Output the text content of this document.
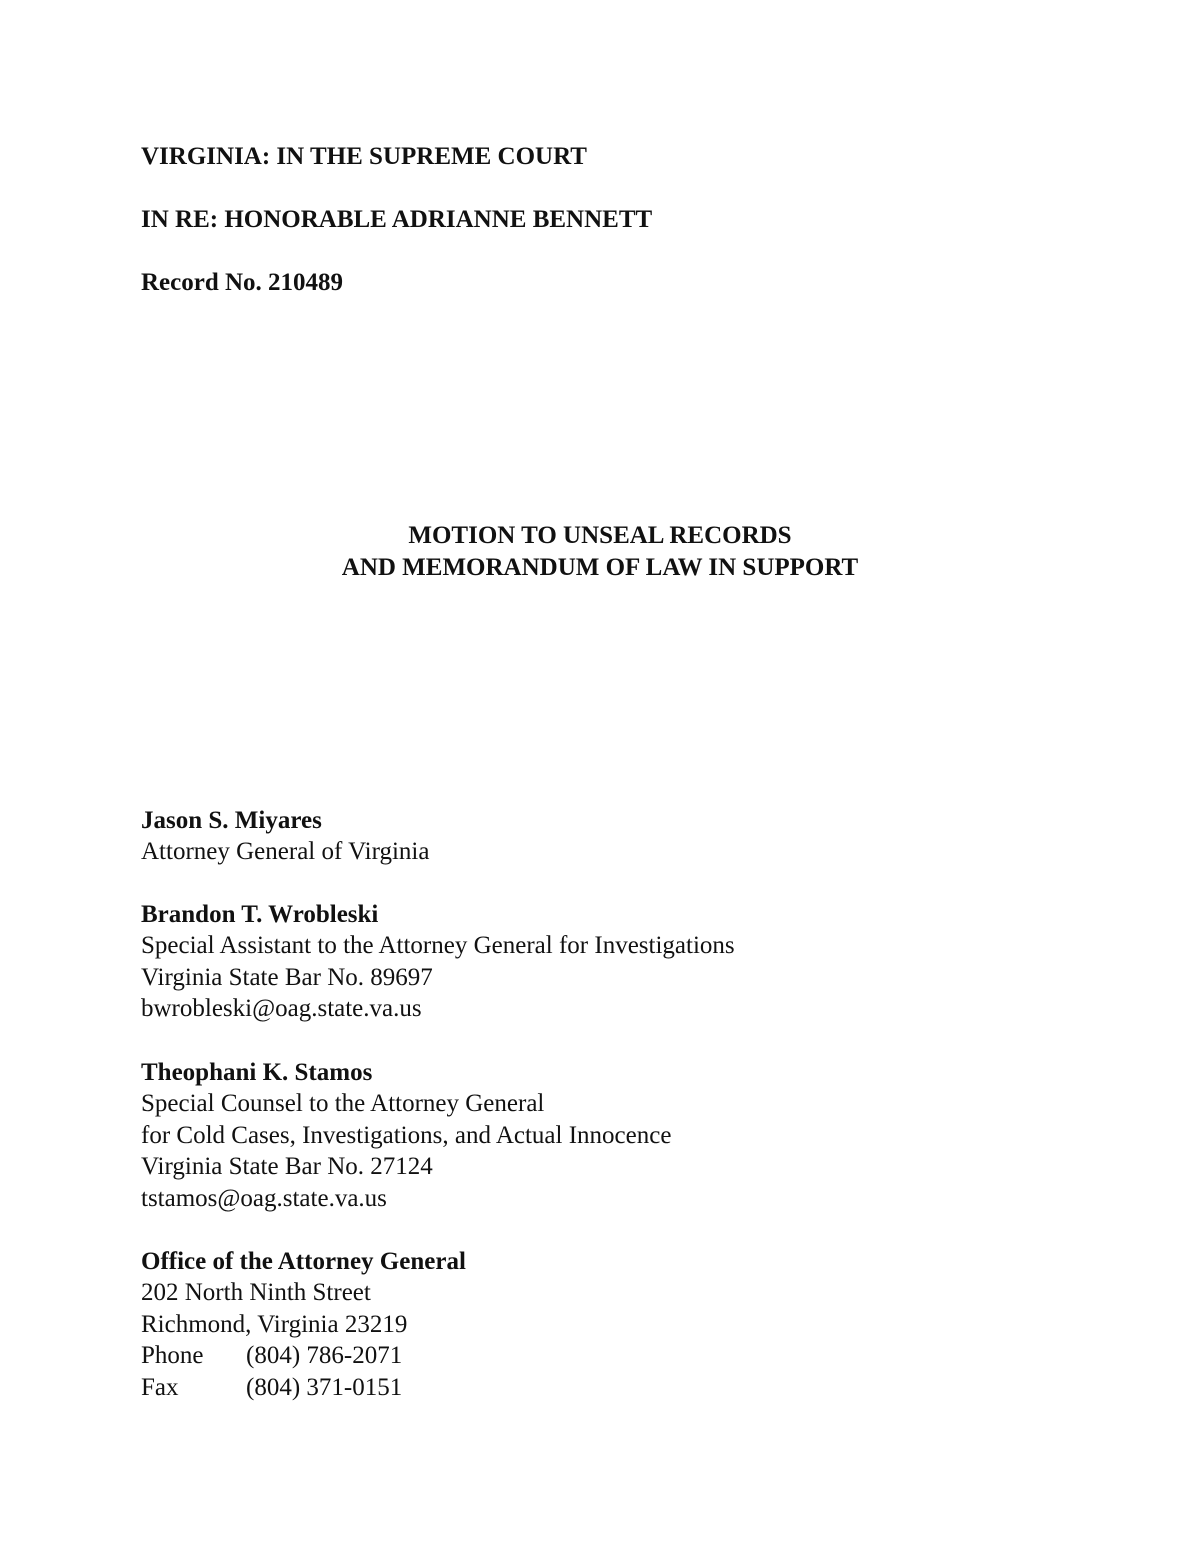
VIRGINIA: IN THE SUPREME COURT
IN RE: HONORABLE ADRIANNE BENNETT
Record No. 210489
MOTION TO UNSEAL RECORDS
AND MEMORANDUM OF LAW IN SUPPORT
Jason S. Miyares
Attorney General of Virginia
Brandon T. Wrobleski
Special Assistant to the Attorney General for Investigations
Virginia State Bar No. 89697
bwrobleski@oag.state.va.us
Theophani K. Stamos
Special Counsel to the Attorney General
for Cold Cases, Investigations, and Actual Innocence
Virginia State Bar No. 27124
tstamos@oag.state.va.us
Office of the Attorney General
202 North Ninth Street
Richmond, Virginia 23219
Phone	(804) 786-2071
Fax	(804) 371-0151
